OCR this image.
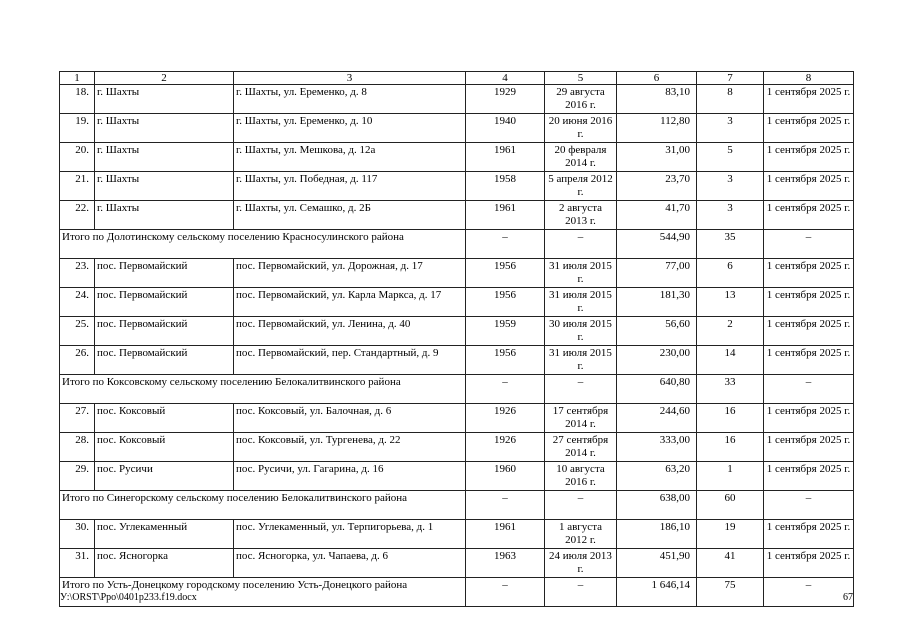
1	2	3	4	5	6	7	8
18.	г. Шахты	г. Шахты, ул. Еременко, д. 8	1929	29 августа 2016 г.	83,10	8	1 сентября 2025 г.
19.	г. Шахты	г. Шахты, ул. Еременко, д. 10	1940	20 июня 2016 г.	112,80	3	1 сентября 2025 г.
20.	г. Шахты	г. Шахты, ул. Мешкова, д. 12а	1961	20 февраля 2014 г.	31,00	5	1 сентября 2025 г.
21.	г. Шахты	г. Шахты, ул. Победная, д. 117	1958	5 апреля 2012 г.	23,70	3	1 сентября 2025 г.
22.	г. Шахты	г. Шахты, ул. Семашко, д. 2Б	1961	2 августа 2013 г.	41,70	3	1 сентября 2025 г.
Итого по Долотинскому сельскому поселению Красносулинского района			–	–	544,90	35	–
23.	пос. Первомайский	пос. Первомайский, ул. Дорожная, д. 17	1956	31 июля 2015 г.	77,00	6	1 сентября 2025 г.
24.	пос. Первомайский	пос. Первомайский, ул. Карла Маркса, д. 17	1956	31 июля 2015 г.	181,30	13	1 сентября 2025 г.
25.	пос. Первомайский	пос. Первомайский, ул. Ленина, д. 40	1959	30 июля 2015 г.	56,60	2	1 сентября 2025 г.
26.	пос. Первомайский	пос. Первомайский, пер. Стандартный, д. 9	1956	31 июля 2015 г.	230,00	14	1 сентября 2025 г.
Итого по Коксовскому сельскому поселению Белокалитвинского района			–	–	640,80	33	–
27.	пос. Коксовый	пос. Коксовый, ул. Балочная, д. 6	1926	17 сентября 2014 г.	244,60	16	1 сентября 2025 г.
28.	пос. Коксовый	пос. Коксовый, ул. Тургенева, д. 22	1926	27 сентября 2014 г.	333,00	16	1 сентября 2025 г.
29.	пос. Русичи	пос. Русичи, ул. Гагарина, д. 16	1960	10 августа 2016 г.	63,20	1	1 сентября 2025 г.
Итого по Синегорскому сельскому поселению Белокалитвинского района			–	–	638,00	60	–
30.	пос. Углекаменный	пос. Углекаменный, ул. Терпигорьева, д. 1	1961	1 августа 2012 г.	186,10	19	1 сентября 2025 г.
31.	пос. Ясногорка	пос. Ясногорка, ул. Чапаева, д. 6	1963	24 июля 2013 г.	451,90	41	1 сентября 2025 г.
Итого по Усть-Донецкому городскому поселению Усть-Донецкого района			–	–	1 646,14	75	–
У:\ORST\Ppo\0401p233.f19.docx	67
